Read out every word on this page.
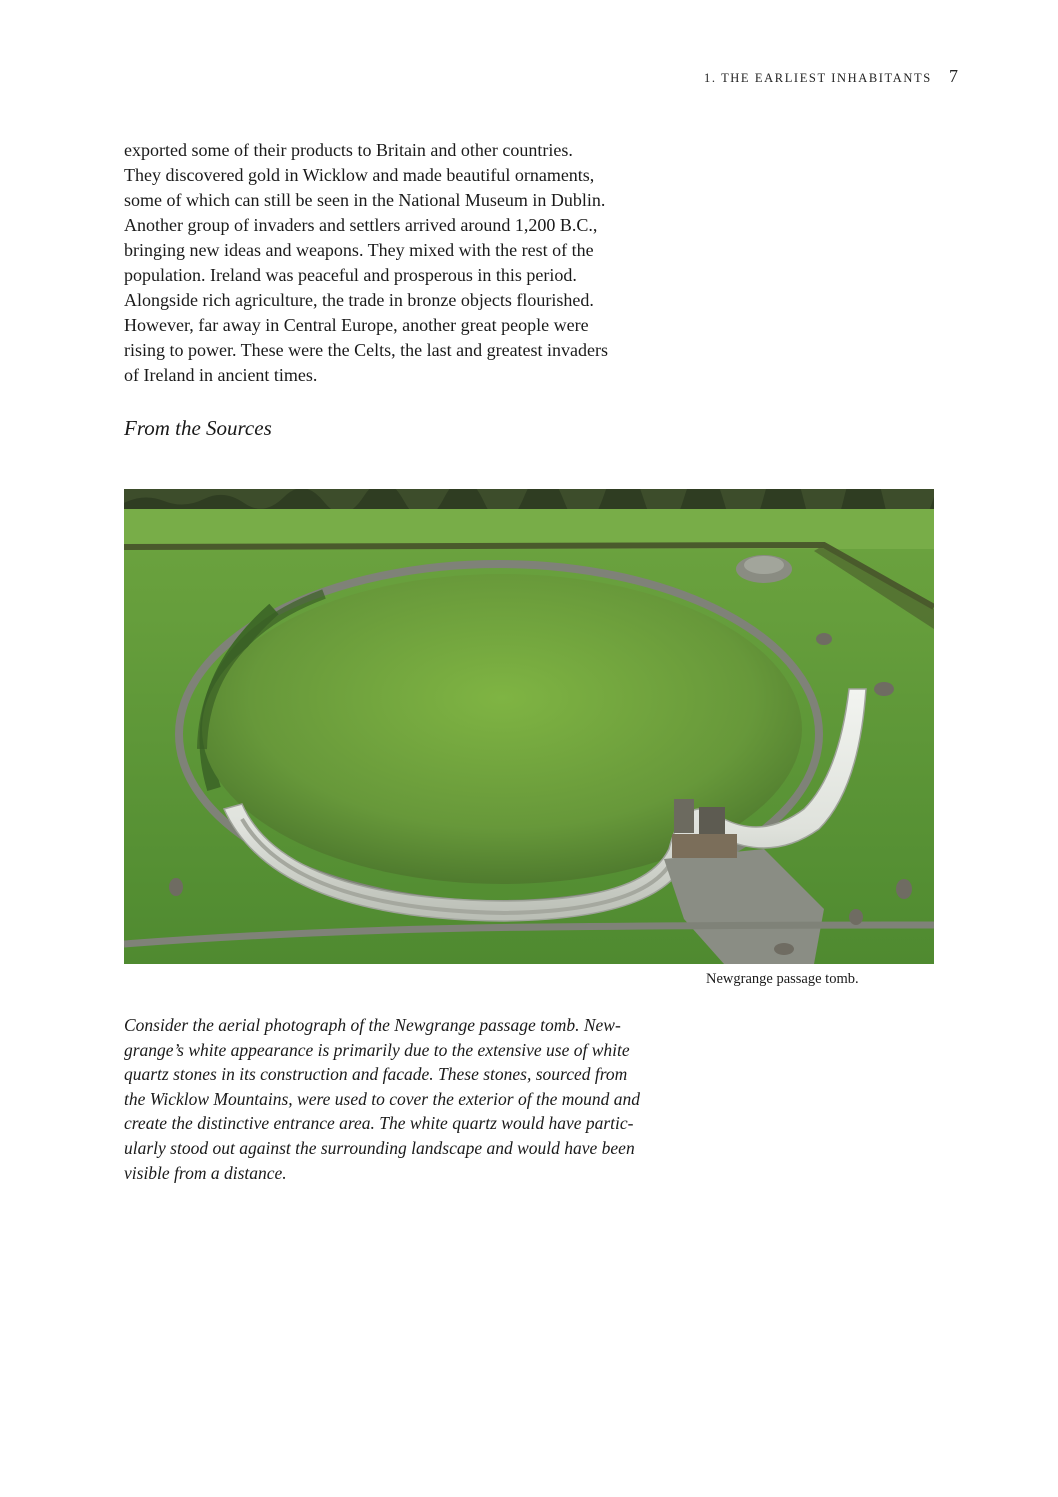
1. THE EARLIEST INHABITANTS 7
exported some of their products to Britain and other countries.
They discovered gold in Wicklow and made beautiful ornaments,
some of which can still be seen in the National Museum in Dublin.
Another group of invaders and settlers arrived around 1,200 B.C.,
bringing new ideas and weapons. They mixed with the rest of the
population. Ireland was peaceful and prosperous in this period.
Alongside rich agriculture, the trade in bronze objects flourished.
However, far away in Central Europe, another great people were
rising to power. These were the Celts, the last and greatest invaders
of Ireland in ancient times.
From the Sources
Newgrange passage tomb.
Consider the aerial photograph of the Newgrange passage tomb. New-
grange’s white appearance is primarily due to the extensive use of white
quartz stones in its construction and facade. These stones, sourced from
the Wicklow Mountains, were used to cover the exterior of the mound and
create the distinctive entrance area. The white quartz would have partic-
ularly stood out against the surrounding landscape and would have been
visible from a distance.
